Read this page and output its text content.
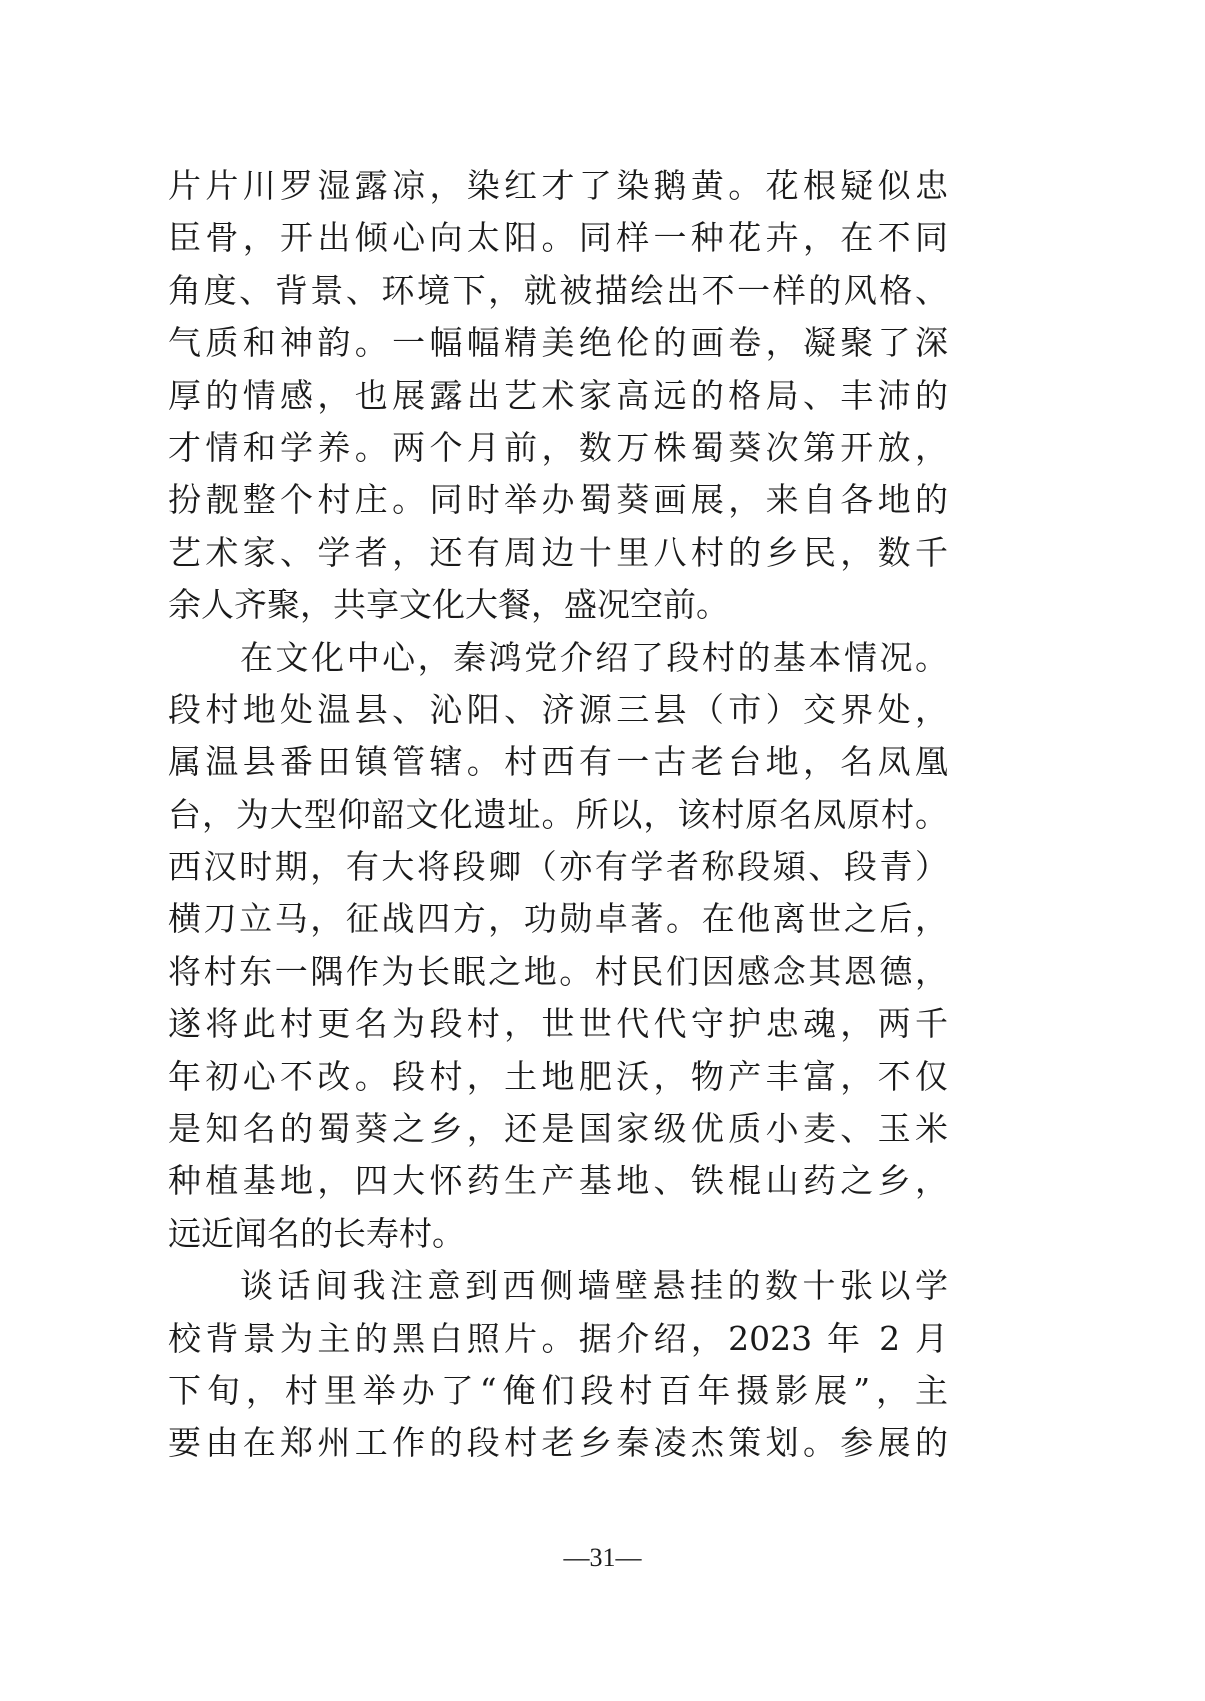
片片川罗湿露凉，染红才了染鹅黄。花根疑似忠
臣骨，开出倾心向太阳。同样一种花卉，在不同
角度、背景、环境下，就被描绘出不一样的风格、
气质和神韵。一幅幅精美绝伦的画卷，凝聚了深
厚的情感，也展露出艺术家高远的格局、丰沛的
才情和学养。两个月前，数万株蜀葵次第开放，
扮靓整个村庄。同时举办蜀葵画展，来自各地的
艺术家、学者，还有周边十里八村的乡民，数千
余人齐聚，共享文化大餐，盛况空前。
在文化中心，秦鸿党介绍了段村的基本情况。
段村地处温县、沁阳、济源三县（市）交界处，
属温县番田镇管辖。村西有一古老台地，名凤凰
台，为大型仰韶文化遗址。所以，该村原名凤原村。
西汉时期，有大将段卿（亦有学者称段熲、段青）
横刀立马，征战四方，功勋卓著。在他离世之后，
将村东一隅作为长眠之地。村民们因感念其恩德，
遂将此村更名为段村，世世代代守护忠魂，两千
年初心不改。段村，土地肥沃，物产丰富，不仅
是知名的蜀葵之乡，还是国家级优质小麦、玉米
种植基地，四大怀药生产基地、铁棍山药之乡，
远近闻名的长寿村。
谈话间我注意到西侧墙壁悬挂的数十张以学
校背景为主的黑白照片。据介绍，2023 年 2 月
下旬，村里举办了“俺们段村百年摄影展”，主
要由在郑州工作的段村老乡秦凌杰策划。参展的
—31—
